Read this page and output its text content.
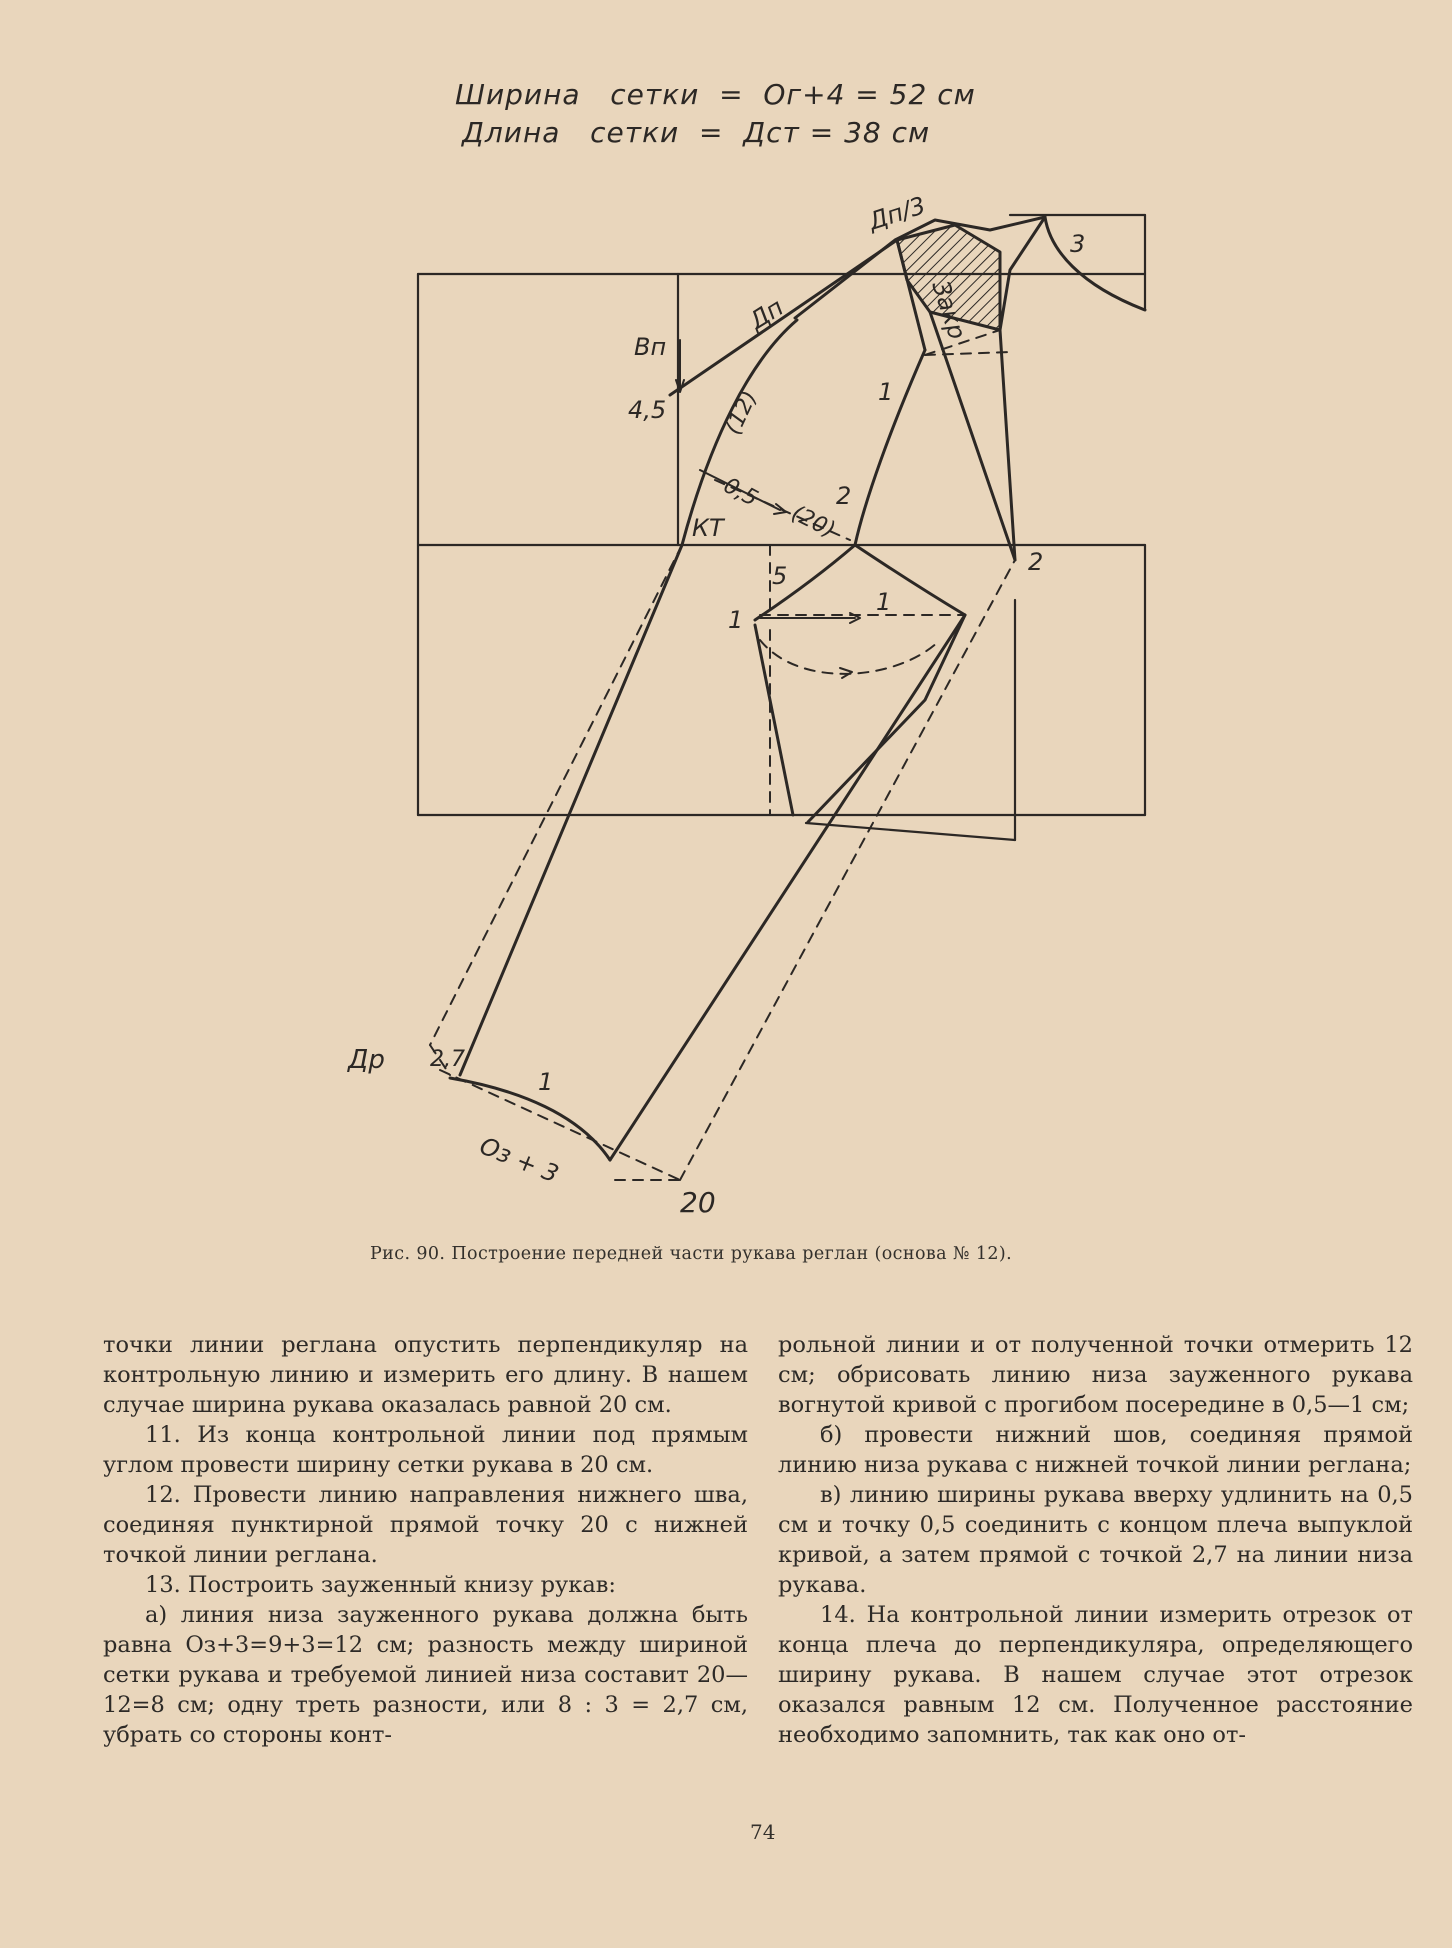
Ширина   сетки  =  Ог+4 = 52 см
Длина   сетки  =  Дст = 38 см
Дп/3
Закр
3
Дп
Вп
4,5
1
(12)
0,5
(20)
КТ
2
2
5
1
1
Др 2,7
1
Оз + 3
20
Рис. 90. Построение передней части рукава реглан (основа № 12).

точки линии реглана опустить перпендикуляр на контрольную линию и измерить его длину. В нашем случае ширина рукава оказалась равной 20 см.

11. Из конца контрольной линии под прямым углом провести ширину сетки рукава в 20 см.

12. Провести линию направления нижнего шва, соединяя пунктирной прямой точку 20 с нижней точкой линии реглана.

13. Построить зауженный книзу рукав:

а) линия низа зауженного рукава должна быть равна Оз+3=9+3=12 см; разность между шириной сетки рукава и требуемой линией низа составит 20—12=8 см; одну треть разности, или 8 : 3 = 2,7 см, убрать со стороны конт-

рольной линии и от полученной точки отмерить 12 см; обрисовать линию низа зауженного рукава вогнутой кривой с прогибом посередине в 0,5—1 см;

б) провести нижний шов, соединяя прямой линию низа рукава с нижней точкой линии реглана;

в) линию ширины рукава вверху удлинить на 0,5 см и точку 0,5 соединить с концом плеча выпуклой кривой, а затем прямой с точкой 2,7 на линии низа рукава.

14. На контрольной линии измерить отрезок от конца плеча до перпендикуляра, определяющего ширину рукава. В нашем случае этот отрезок оказался равным 12 см. Полученное расстояние необходимо запомнить, так как оно от-

74
